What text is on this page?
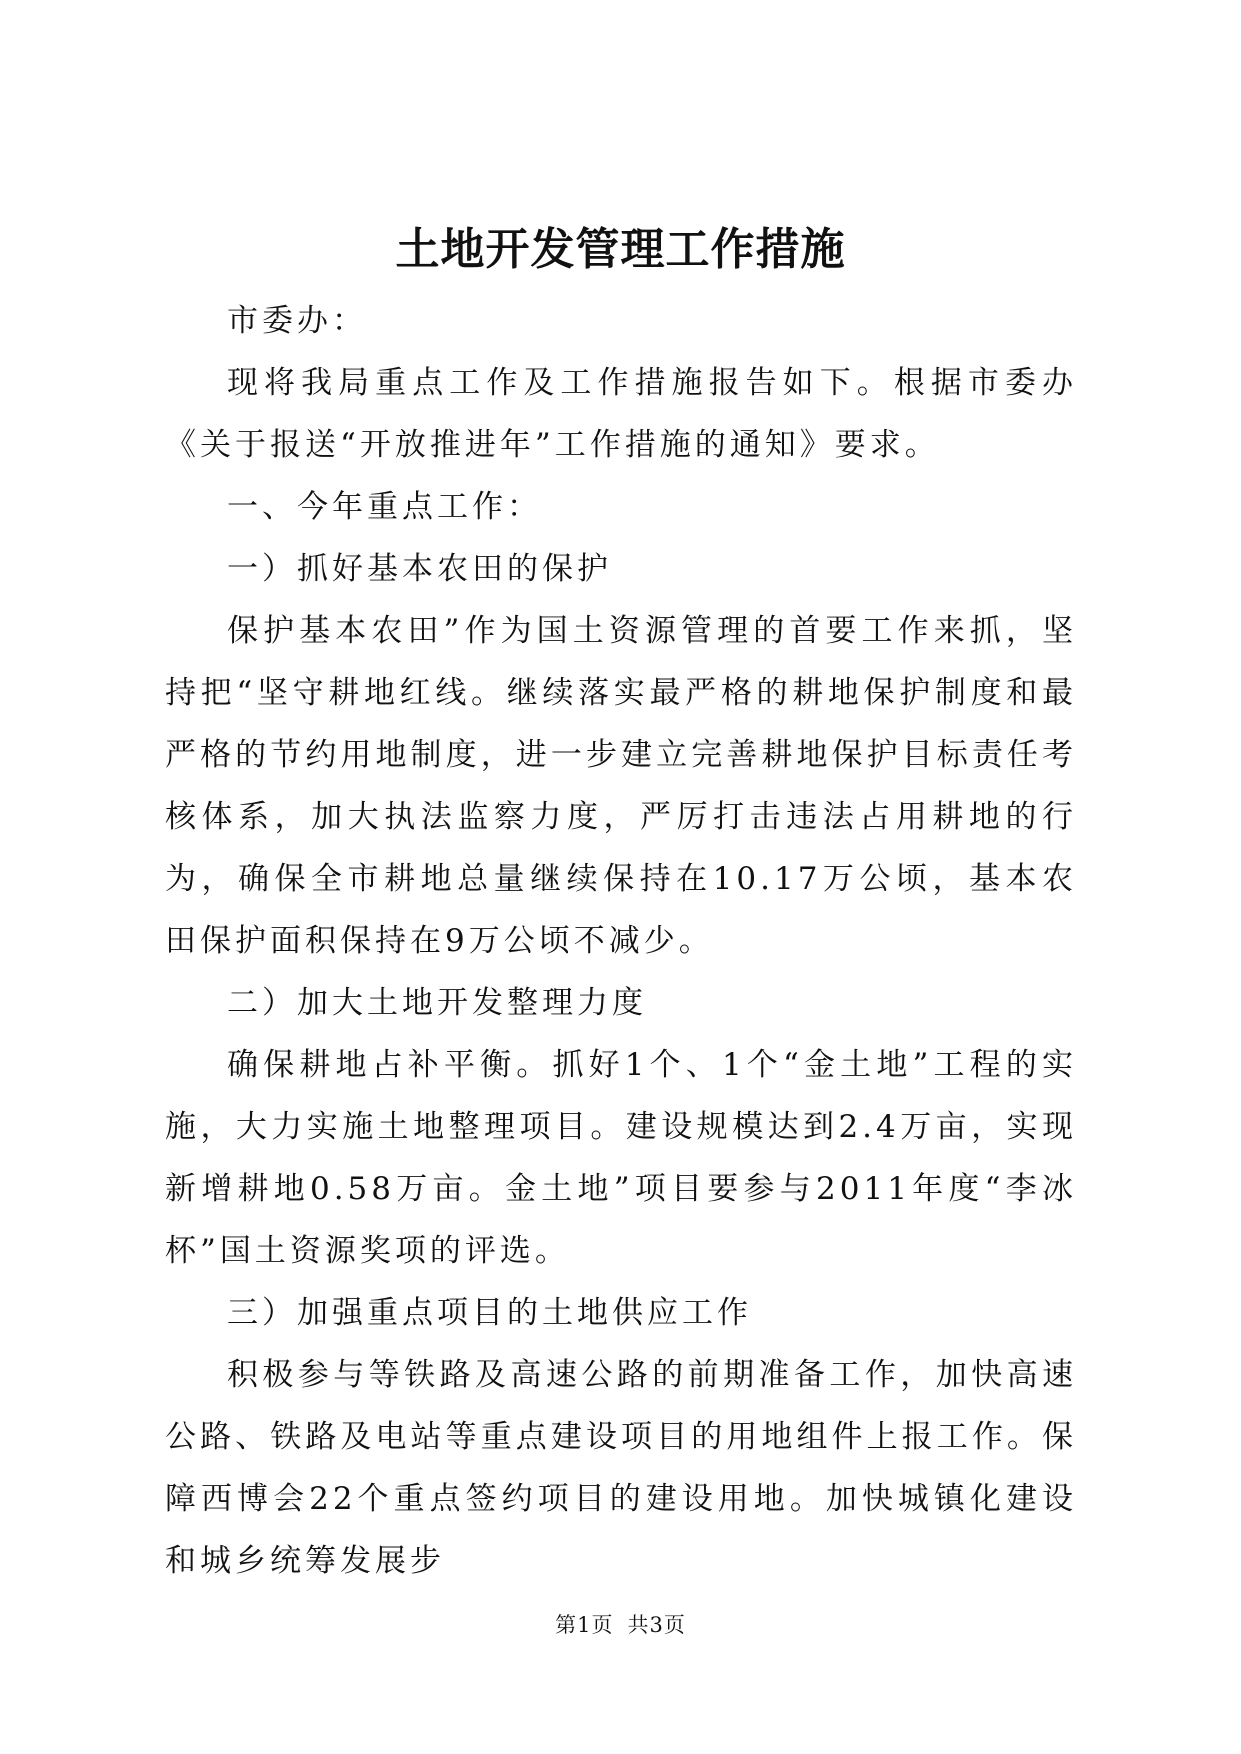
土地开发管理工作措施

市委办：

现将我局重点工作及工作措施报告如下。根据市委办《关于报送“开放推进年”工作措施的通知》要求。

一、今年重点工作：

一）抓好基本农田的保护

保护基本农田”作为国土资源管理的首要工作来抓，坚持把“坚守耕地红线。继续落实最严格的耕地保护制度和最严格的节约用地制度，进一步建立完善耕地保护目标责任考核体系，加大执法监察力度，严厉打击违法占用耕地的行为，确保全市耕地总量继续保持在10.17万公顷，基本农田保护面积保持在9万公顷不减少。

二）加大土地开发整理力度

确保耕地占补平衡。抓好1个、1个“金土地”工程的实施，大力实施土地整理项目。建设规模达到2.4万亩，实现新增耕地0.58万亩。金土地”项目要参与2011年度“李冰杯”国土资源奖项的评选。

三）加强重点项目的土地供应工作

积极参与等铁路及高速公路的前期准备工作，加快高速公路、铁路及电站等重点建设项目的用地组件上报工作。保障西博会22个重点签约项目的建设用地。加快城镇化建设和城乡统筹发展步

第1页 共3页
